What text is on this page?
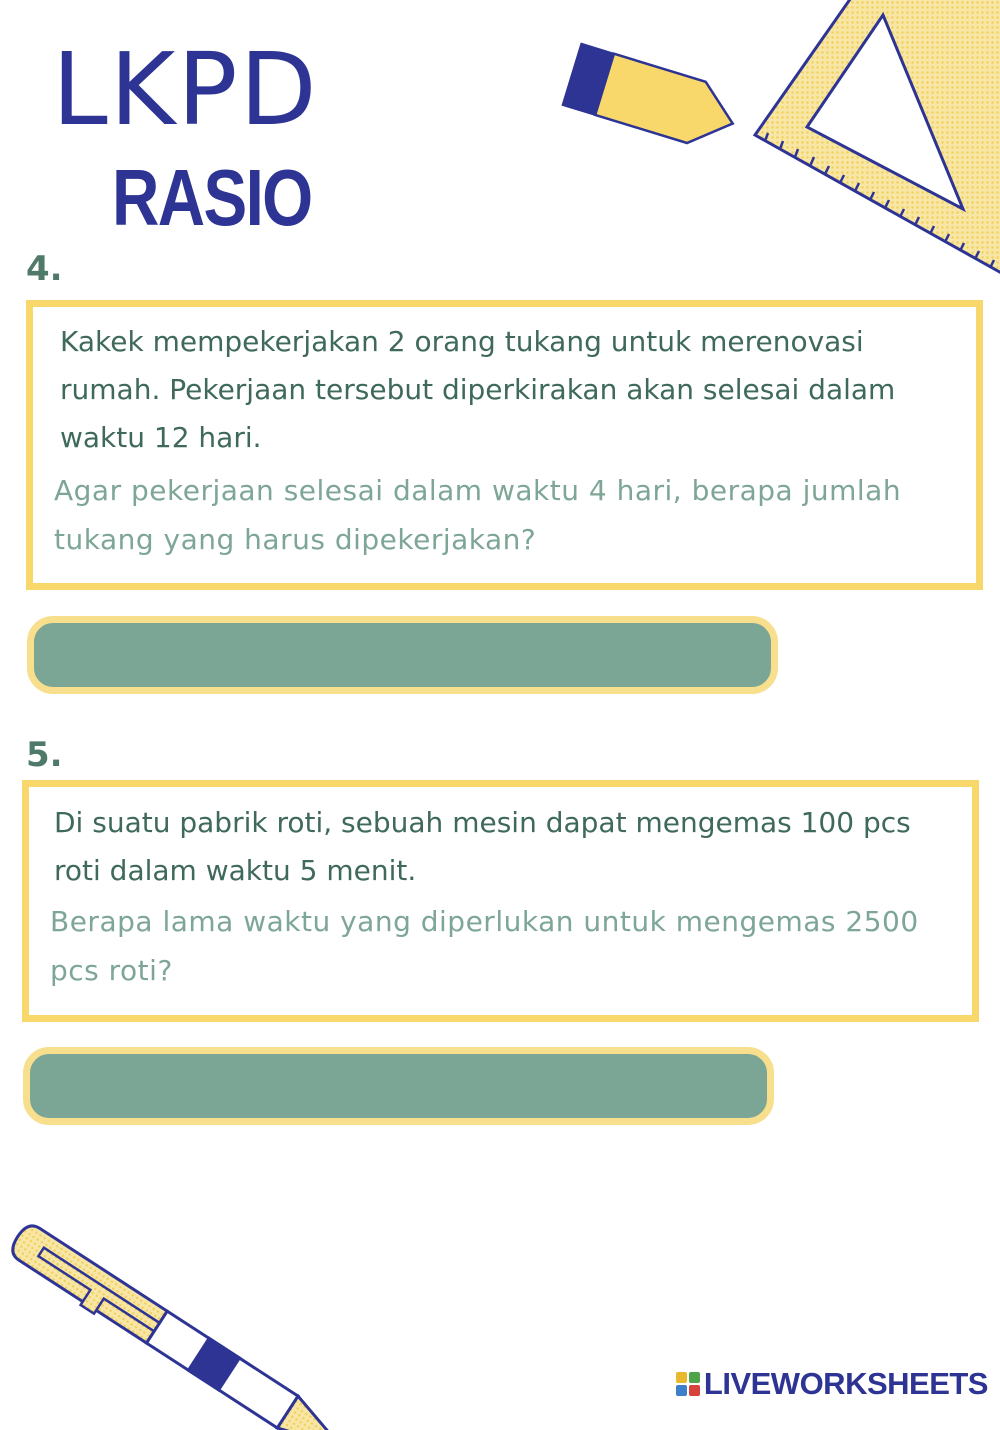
LKPD
RASIO
4.

Kakek mempekerjakan 2 orang tukang untuk merenovasi

rumah. Pekerjaan tersebut diperkirakan akan selesai dalam

waktu 12 hari.

Agar pekerjaan selesai dalam waktu 4 hari, berapa jumlah

tukang yang harus dipekerjakan?

5.

Di suatu pabrik roti, sebuah mesin dapat mengemas 100 pcs

roti dalam waktu 5 menit.

Berapa lama waktu yang diperlukan untuk mengemas 2500

pcs roti?

LIVEWORKSHEETS
